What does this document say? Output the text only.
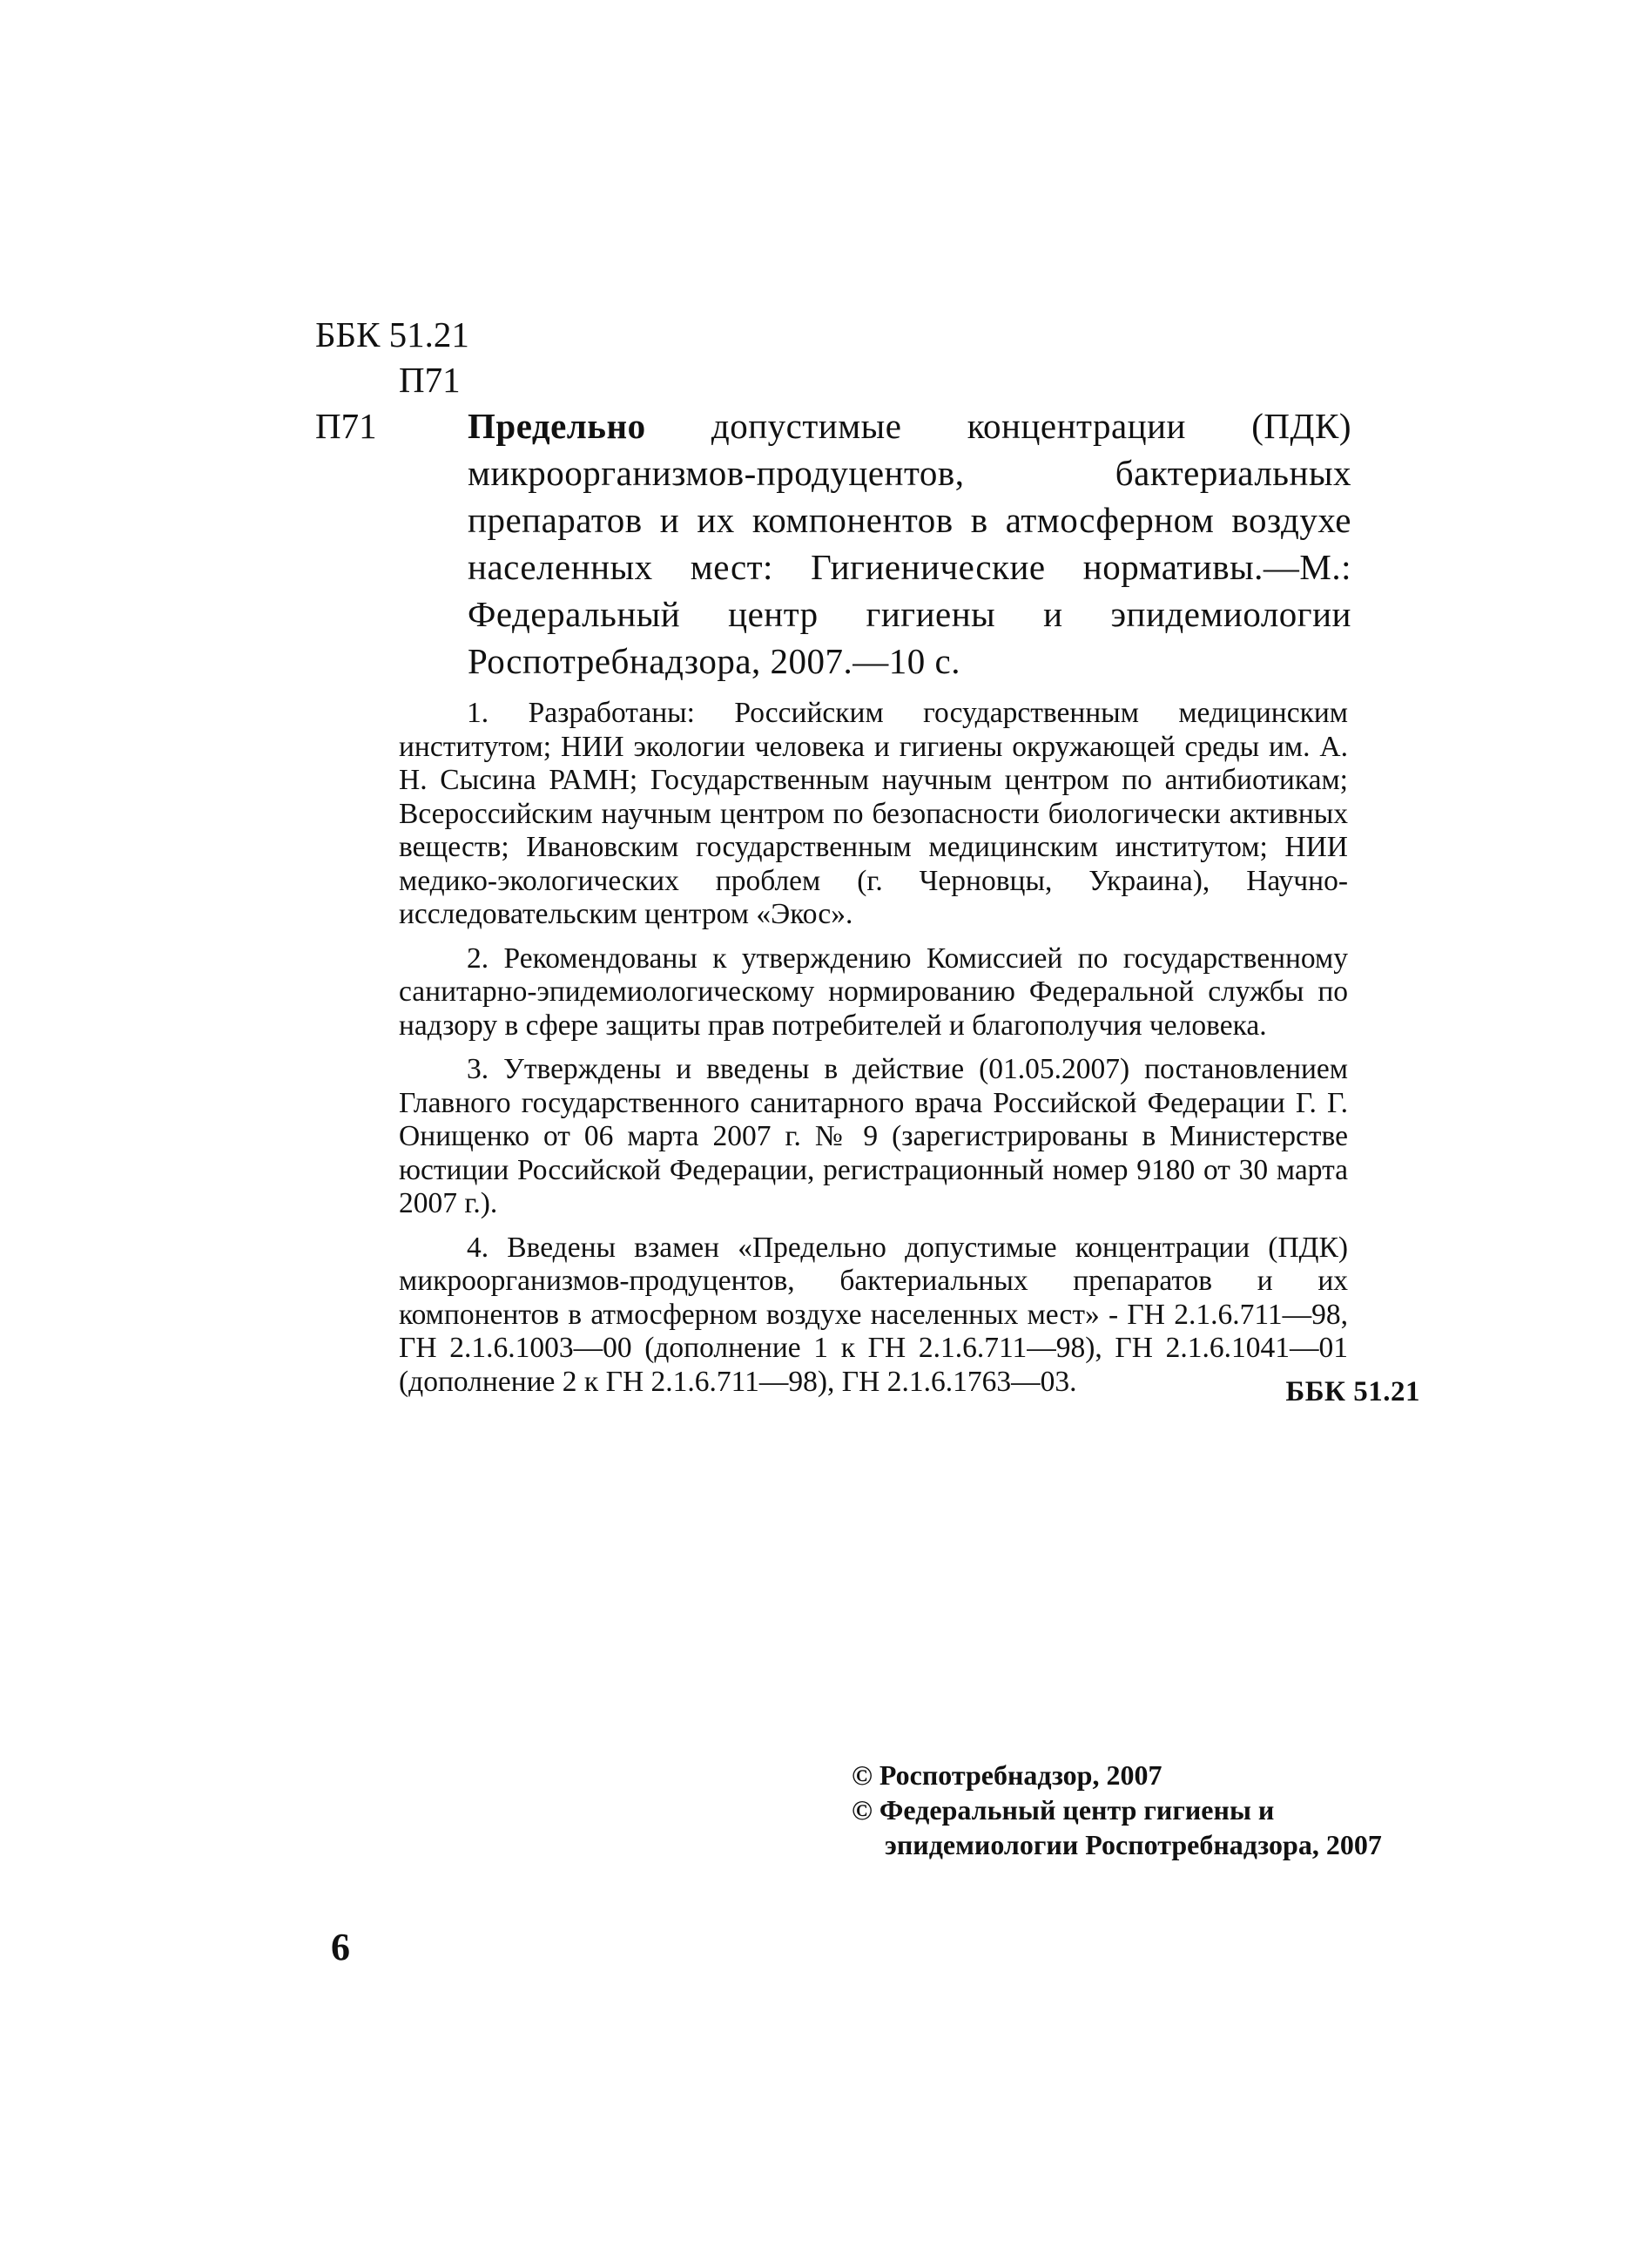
ББК 51.21
П71
П71	Предельно допустимые концентрации (ПДК) микроорганизмов-продуцентов, бактериальных препаратов и их компонентов в атмосферном воздухе населенных мест: Гигиенические нормативы.—М.: Федеральный центр гигиены и эпидемиологии Роспотребнадзора, 2007.—10 с.

1. Разработаны: Российским государственным медицинским институтом; НИИ экологии человека и гигиены окружающей среды им. А. Н. Сысина РАМН; Государственным научным центром по антибиотикам; Всероссийским научным центром по безопасности биологически активных веществ; Ивановским государственным медицинским институтом; НИИ медико-экологических проблем (г. Черновцы, Украина), Научно-исследовательским центром «Экос».

2. Рекомендованы к утверждению Комиссией по государственному санитарно-эпидемиологическому нормированию Федеральной службы по надзору в сфере защиты прав потребителей и благополучия человека.

3. Утверждены и введены в действие (01.05.2007) постановлением Главного государственного санитарного врача Российской Федерации Г. Г. Онищенко от 06 марта 2007 г. № 9 (зарегистрированы в Министерстве юстиции Российской Федерации, регистрационный номер 9180 от 30 марта 2007 г.).

4. Введены взамен «Предельно допустимые концентрации (ПДК) микроорганизмов-продуцентов, бактериальных препаратов и их компонентов в атмосферном воздухе населенных мест» - ГН 2.1.6.711—98, ГН 2.1.6.1003—00 (дополнение 1 к ГН 2.1.6.711—98), ГН 2.1.6.1041—01 (дополнение 2 к ГН 2.1.6.711—98), ГН 2.1.6.1763—03.	ББК 51.21
© Роспотребнадзор, 2007
© Федеральный центр гигиены и
эпидемиологии Роспотребнадзора, 2007
6
